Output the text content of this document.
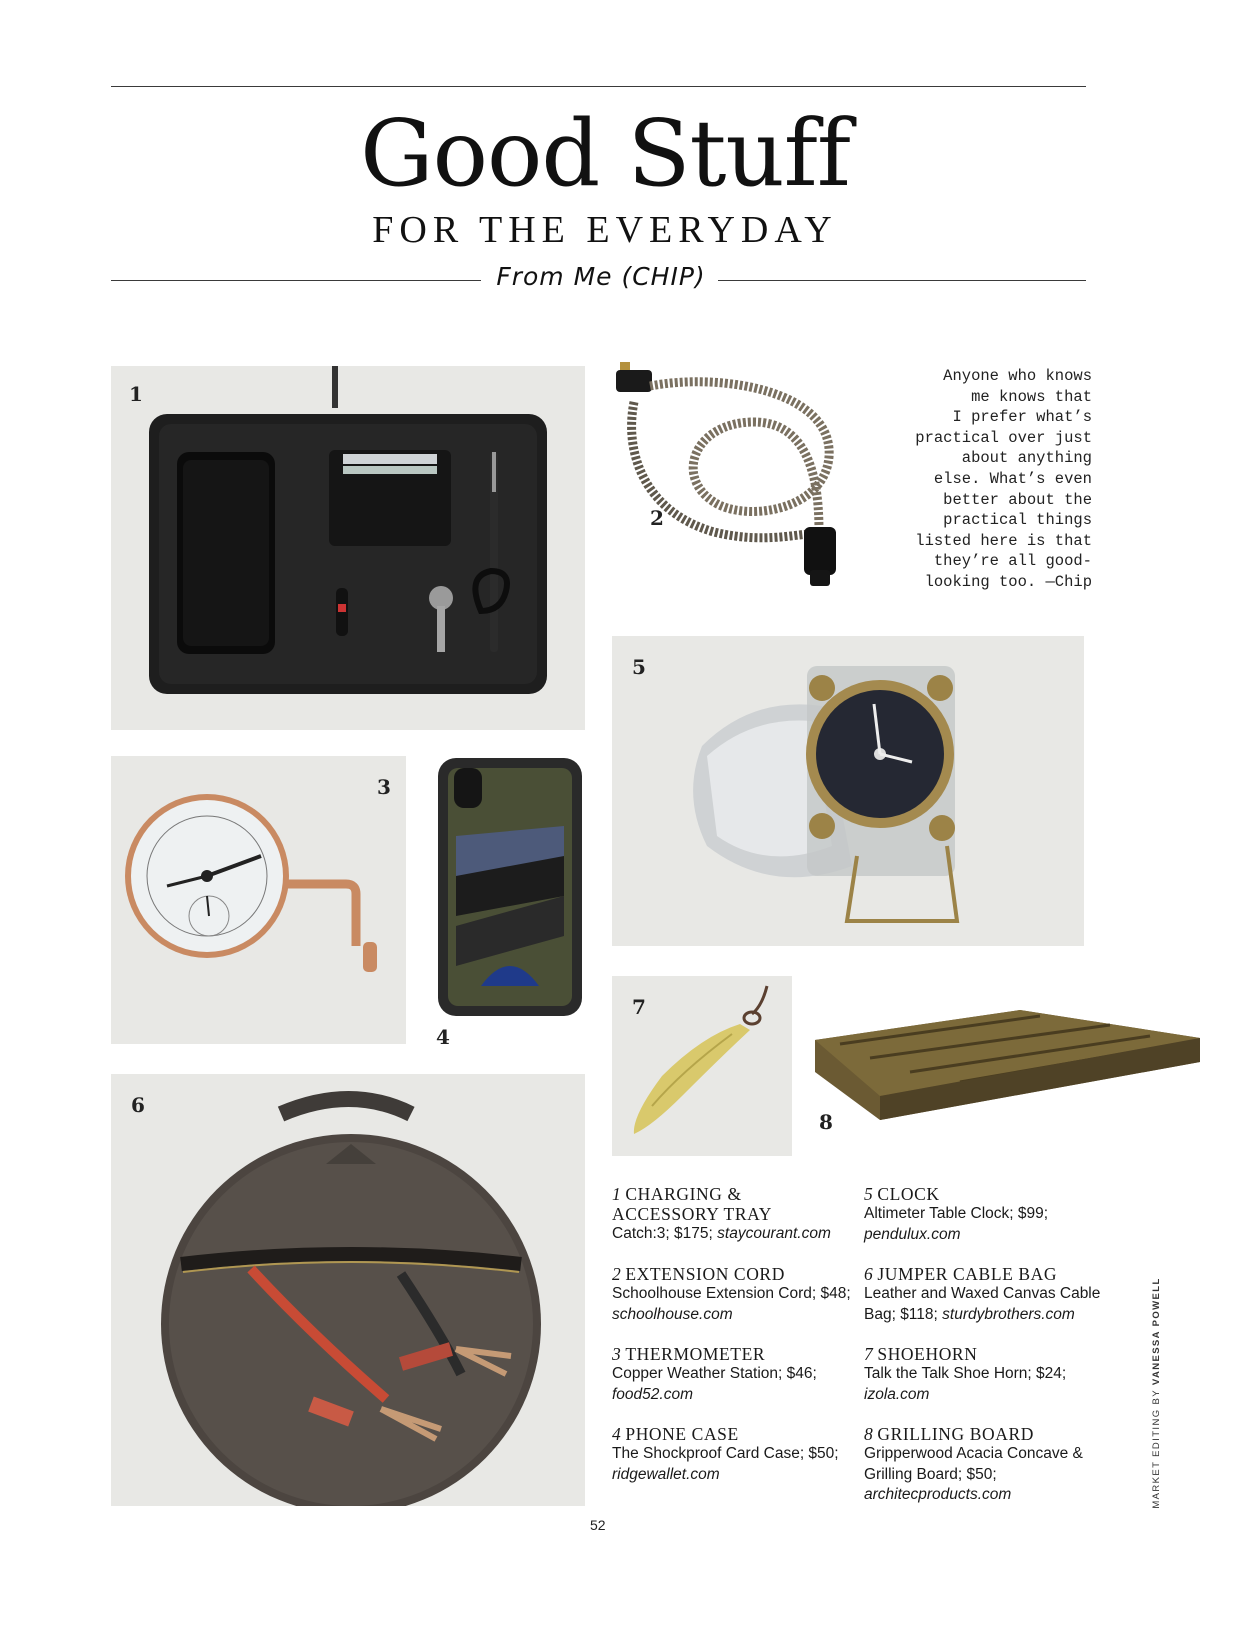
Good Stuff
FOR THE EVERYDAY
From Me (CHIP)
1
2
Anyone who knows
me knows that
I prefer what’s
practical over just
about anything
else. What’s even
better about the
practical things
listed here is that
they’re all good-
looking too. —Chip
3
4
5
6
7
8
1 CHARGING & ACCESSORY TRAY
Catch:3; $175; staycourant.com
2 EXTENSION CORD
Schoolhouse Extension Cord; $48; schoolhouse.com
3 THERMOMETER
Copper Weather Station; $46; food52.com
4 PHONE CASE
The Shockproof Card Case; $50; ridgewallet.com
5 CLOCK
Altimeter Table Clock; $99; pendulux.com
6 JUMPER CABLE BAG
Leather and Waxed Canvas Cable Bag; $118; sturdybrothers.com
7 SHOEHORN
Talk the Talk Shoe Horn; $24; izola.com
8 GRILLING BOARD
Gripperwood Acacia Concave & Grilling Board; $50; architecproducts.com	MARKET EDITING BY VANESSA POWELL
52
